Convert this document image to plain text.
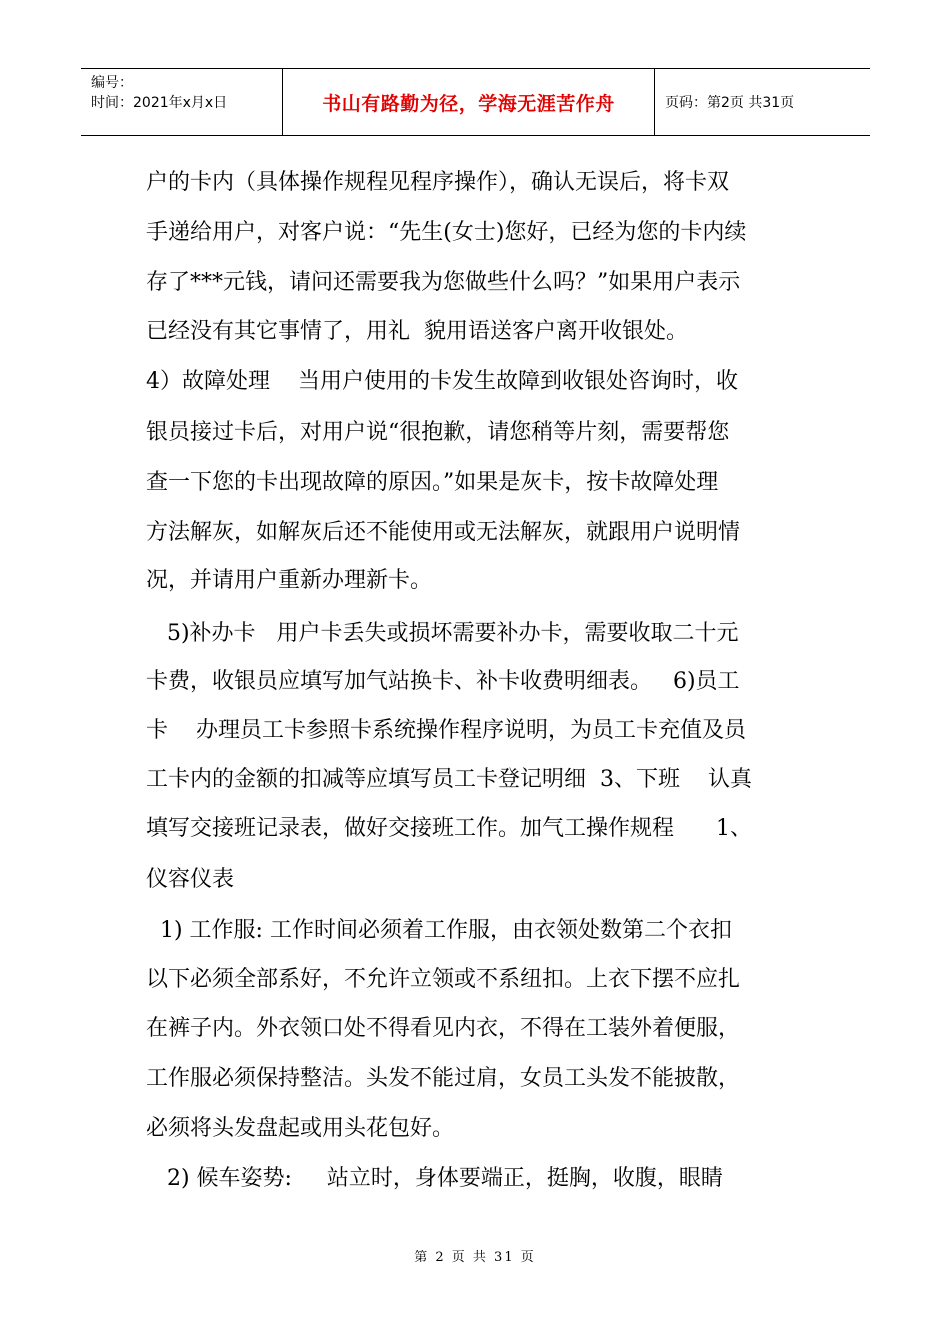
编号：
时间：2021年x月x日	书山有路勤为径，学海无涯苦作舟	页码：第2页 共31页
户的卡内（具体操作规程见程序操作），确认无误后，将卡双
手递给用户，对客户说：“先生(女士)您好，已经为您的卡内续
存了***元钱，请问还需要我为您做些什么吗？”如果用户表示
已经没有其它事情了，用礼  貌用语送客户离开收银处。
4）故障处理    当用户使用的卡发生故障到收银处咨询时，收
银员接过卡后，对用户说“很抱歉，请您稍等片刻，需要帮您
查一下您的卡出现故障的原因。”如果是灰卡，按卡故障处理
方法解灰，如解灰后还不能使用或无法解灰，就跟用户说明情
况，并请用户重新办理新卡。
5)补办卡   用户卡丢失或损坏需要补办卡，需要收取二十元
卡费，收银员应填写加气站换卡、补卡收费明细表。   6)员工
卡    办理员工卡参照卡系统操作程序说明，为员工卡充值及员
工卡内的金额的扣减等应填写员工卡登记明细  3、下班    认真
填写交接班记录表，做好交接班工作。加气工操作规程      1、
仪容仪表
1) 工作服: 工作时间必须着工作服，由衣领处数第二个衣扣
以下必须全部系好，不允许立领或不系纽扣。上衣下摆不应扎
在裤子内。外衣领口处不得看见内衣，不得在工装外着便服，
工作服必须保持整洁。头发不能过肩，女员工头发不能披散，
必须将头发盘起或用头花包好。
2) 候车姿势:     站立时，身体要端正，挺胸，收腹，眼睛
第 2 页 共 31 页
